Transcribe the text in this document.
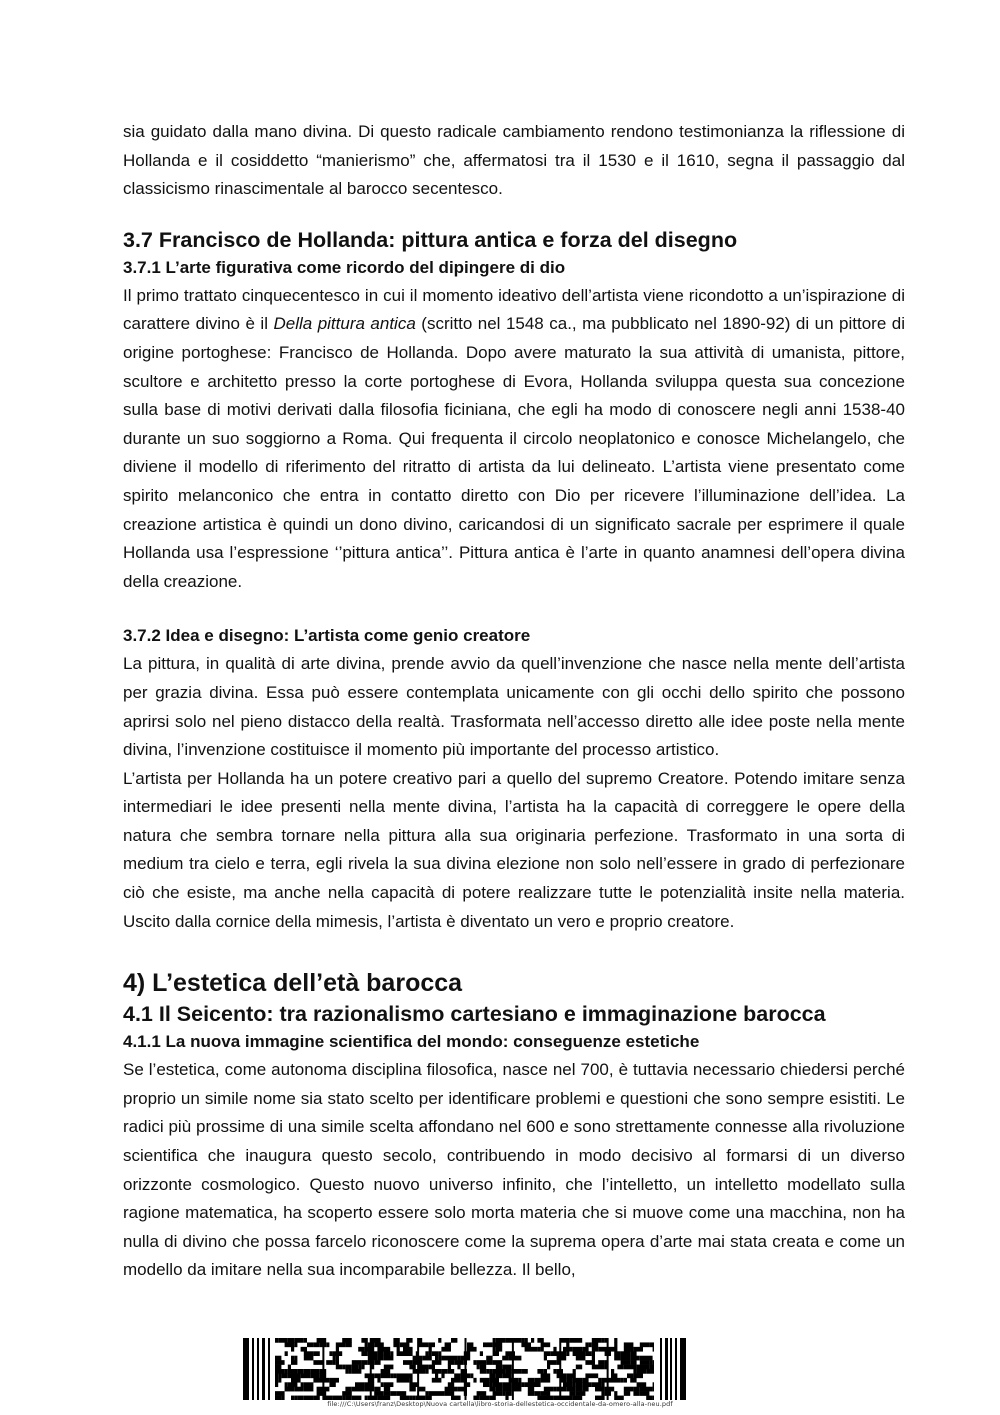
sia guidato dalla mano divina. Di questo radicale cambiamento rendono testimonianza la riflessione di Hollanda e il cosiddetto “manierismo” che, affermatosi tra il 1530 e il 1610, segna il passaggio dal classicismo rinascimentale al barocco secentesco.

3.7 Francisco de Hollanda: pittura antica e forza del disegno
3.7.1 L’arte figurativa come ricordo del dipingere di dio

Il primo trattato cinquecentesco in cui il momento ideativo dell’artista viene ricondotto a un’ispirazione di carattere divino è il Della pittura antica (scritto nel 1548 ca., ma pubblicato nel 1890-92) di un pittore di origine portoghese: Francisco de Hollanda. Dopo avere maturato la sua attività di umanista, pittore, scultore e architetto presso la corte portoghese di Evora, Hollanda sviluppa questa sua concezione sulla base di motivi derivati dalla filosofia ficiniana, che egli ha modo di conoscere negli anni 1538-40 durante un suo soggiorno a Roma. Qui frequenta il circolo neoplatonico e conosce Michelangelo, che diviene il modello di riferimento del ritratto di artista da lui delineato. L’artista viene presentato come spirito melanconico che entra in contatto diretto con Dio per ricevere l’illuminazione dell’idea. La creazione artistica è quindi un dono divino, caricandosi di un significato sacrale per esprimere il quale Hollanda usa l’espressione ‘’pittura antica’’. Pittura antica è l’arte in quanto anamnesi dell’opera divina della creazione.

3.7.2 Idea e disegno: L’artista come genio creatore

La pittura, in qualità di arte divina, prende avvio da quell’invenzione che nasce nella mente dell’artista per grazia divina. Essa può essere contemplata unicamente con gli occhi dello spirito che possono aprirsi solo nel pieno distacco della realtà. Trasformata nell’accesso diretto alle idee poste nella mente divina, l’invenzione costituisce il momento più importante del processo artistico.

L’artista per Hollanda ha un potere creativo pari a quello del supremo Creatore. Potendo imitare senza intermediari le idee presenti nella mente divina, l’artista ha la capacità di correggere le opere della natura che sembra tornare nella pittura alla sua originaria perfezione. Trasformato in una sorta di medium tra cielo e terra, egli rivela la sua divina elezione non solo nell’essere in grado di perfezionare ciò che esiste, ma anche nella capacità di potere realizzare tutte le potenzialità insite nella materia. Uscito dalla cornice della mimesis, l’artista è diventato un vero e proprio creatore.

4) L’estetica dell’età barocca
4.1 Il Seicento: tra razionalismo cartesiano e immaginazione barocca
4.1.1 La nuova immagine scientifica del mondo: conseguenze estetiche

Se l’estetica, come autonoma disciplina filosofica, nasce nel 700, è tuttavia necessario chiedersi perché proprio un simile nome sia stato scelto per identificare problemi e questioni che sono sempre esistiti. Le radici più prossime di una simile scelta affondano nel 600 e sono strettamente connesse alla rivoluzione scientifica che inaugura questo secolo, contribuendo in modo decisivo al formarsi di un diverso orizzonte cosmologico. Questo nuovo universo infinito, che l’intelletto, un intelletto modellato sulla ragione matematica, ha scoperto essere solo morta materia che si muove come una macchina, non ha nulla di divino che possa farcelo riconoscere come la suprema opera d’arte mai stata creata e come un modello da imitare nella sua incomparabile bellezza. Il bello,

file:///C:\Users\franz\Desktop\Nuova cartella\libro-storia-dellestetica-occidentale-da-omero-alla-neu.pdf
